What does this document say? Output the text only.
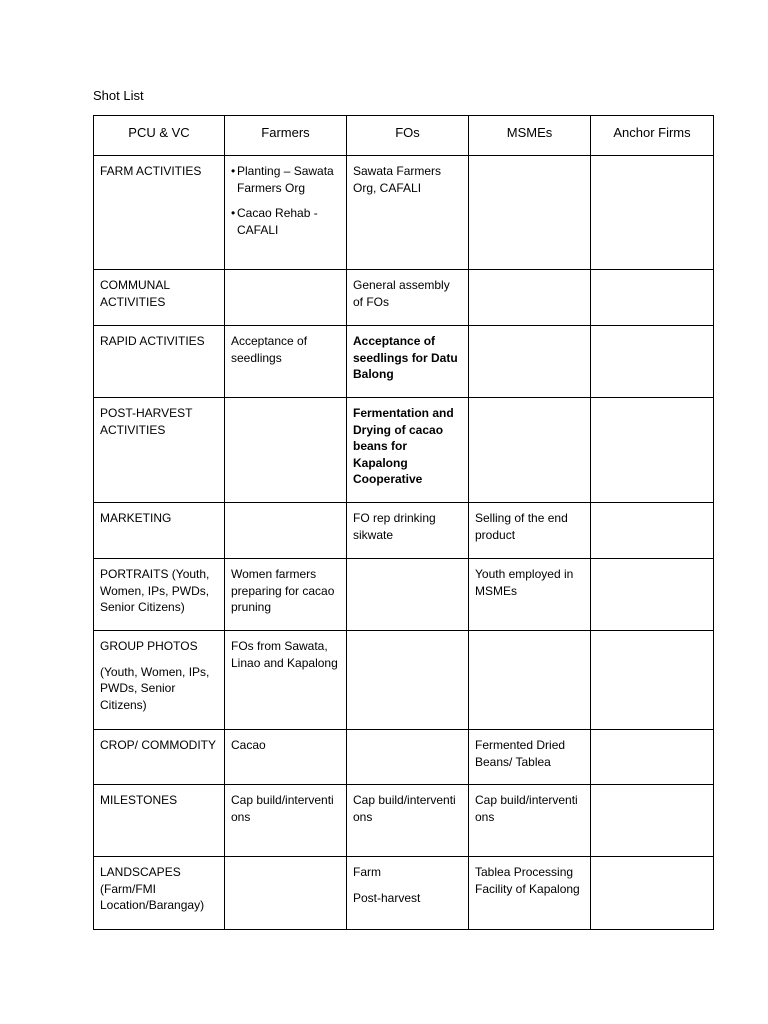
Shot List
PCU & VC	Farmers	FOs	MSMEs	Anchor Firms
FARM ACTIVITIES	• Planting – Sawata Farmers Org
• Cacao Rehab - CAFALI	Sawata Farmers Org, CAFALI		
COMMUNAL ACTIVITIES		General assembly of FOs		
RAPID ACTIVITIES	Acceptance of seedlings	Acceptance of seedlings for Datu Balong		
POST-HARVEST ACTIVITIES		Fermentation and Drying of cacao beans for Kapalong Cooperative		
MARKETING		FO rep drinking sikwate	Selling of the end product	
PORTRAITS (Youth, Women, IPs, PWDs, Senior Citizens)	Women farmers preparing for cacao pruning		Youth employed in MSMEs	

GROUP PHOTOS
(Youth, Women, IPs, PWDs, Senior Citizens)	FOs from Sawata, Linao and Kapalong			
CROP/ COMMODITY	Cacao		Fermented Dried Beans/ Tablea	
MILESTONES	Cap build/interventions	Cap build/interventions	Cap build/interventions	
LANDSCAPES (Farm/FMI Location/Barangay)		Farm
Post-harvest	Tablea Processing Facility of Kapalong	
